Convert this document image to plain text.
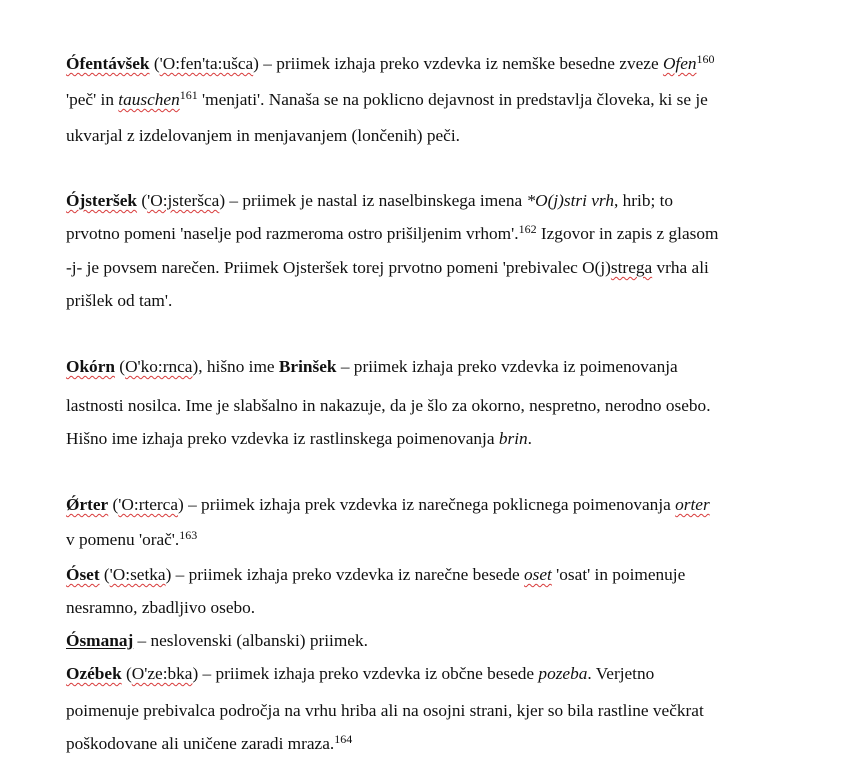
Ófentávšek ('O:fen'ta:ušca) – priimek izhaja preko vzdevka iz nemške besedne zveze Ofen$^{160}$
'peč' in tauschen$^{161}$ 'menjati'. Nanaša se na poklicno dejavnost in predstavlja človeka, ki se je
ukvarjal z izdelovanjem in menjavanjem (lončenih) peči.
Ójsteršek ('O:jsteršca) – priimek je nastal iz naselbinskega imena *O(j)stri vrh, hrib; to
prvotno pomeni 'naselje pod razmeroma ostro prišiljenim vrhom'.$^{162}$ Izgovor in zapis z glasom
-j- je povsem narečen. Priimek Ojsteršek torej prvotno pomeni 'prebivalec O(j)strega vrha ali
prišlek od tam'.
Okórn (O'ko:rnca), hišno ime Brinšek – priimek izhaja preko vzdevka iz poimenovanja
lastnosti nosilca. Ime je slabšalno in nakazuje, da je šlo za okorno, nespretno, nerodno osebo.
Hišno ime izhaja preko vzdevka iz rastlinskega poimenovanja brin.
Ǿrter ('O:rterca) – priimek izhaja prek vzdevka iz narečnega poklicnega poimenovanja orter
v pomenu 'orač'.$^{163}$
Óset ('O:setka) – priimek izhaja preko vzdevka iz narečne besede oset 'osat' in poimenuje
nesramno, zbadljivo osebo.
Ósmanaj – neslovenski (albanski) priimek.
Ozébek (O'ze:bka) – priimek izhaja preko vzdevka iz občne besede pozeba. Verjetno
poimenuje prebivalca področja na vrhu hriba ali na osojni strani, kjer so bila rastline večkrat
poškodovane ali uničene zaradi mraza.$^{164}$
